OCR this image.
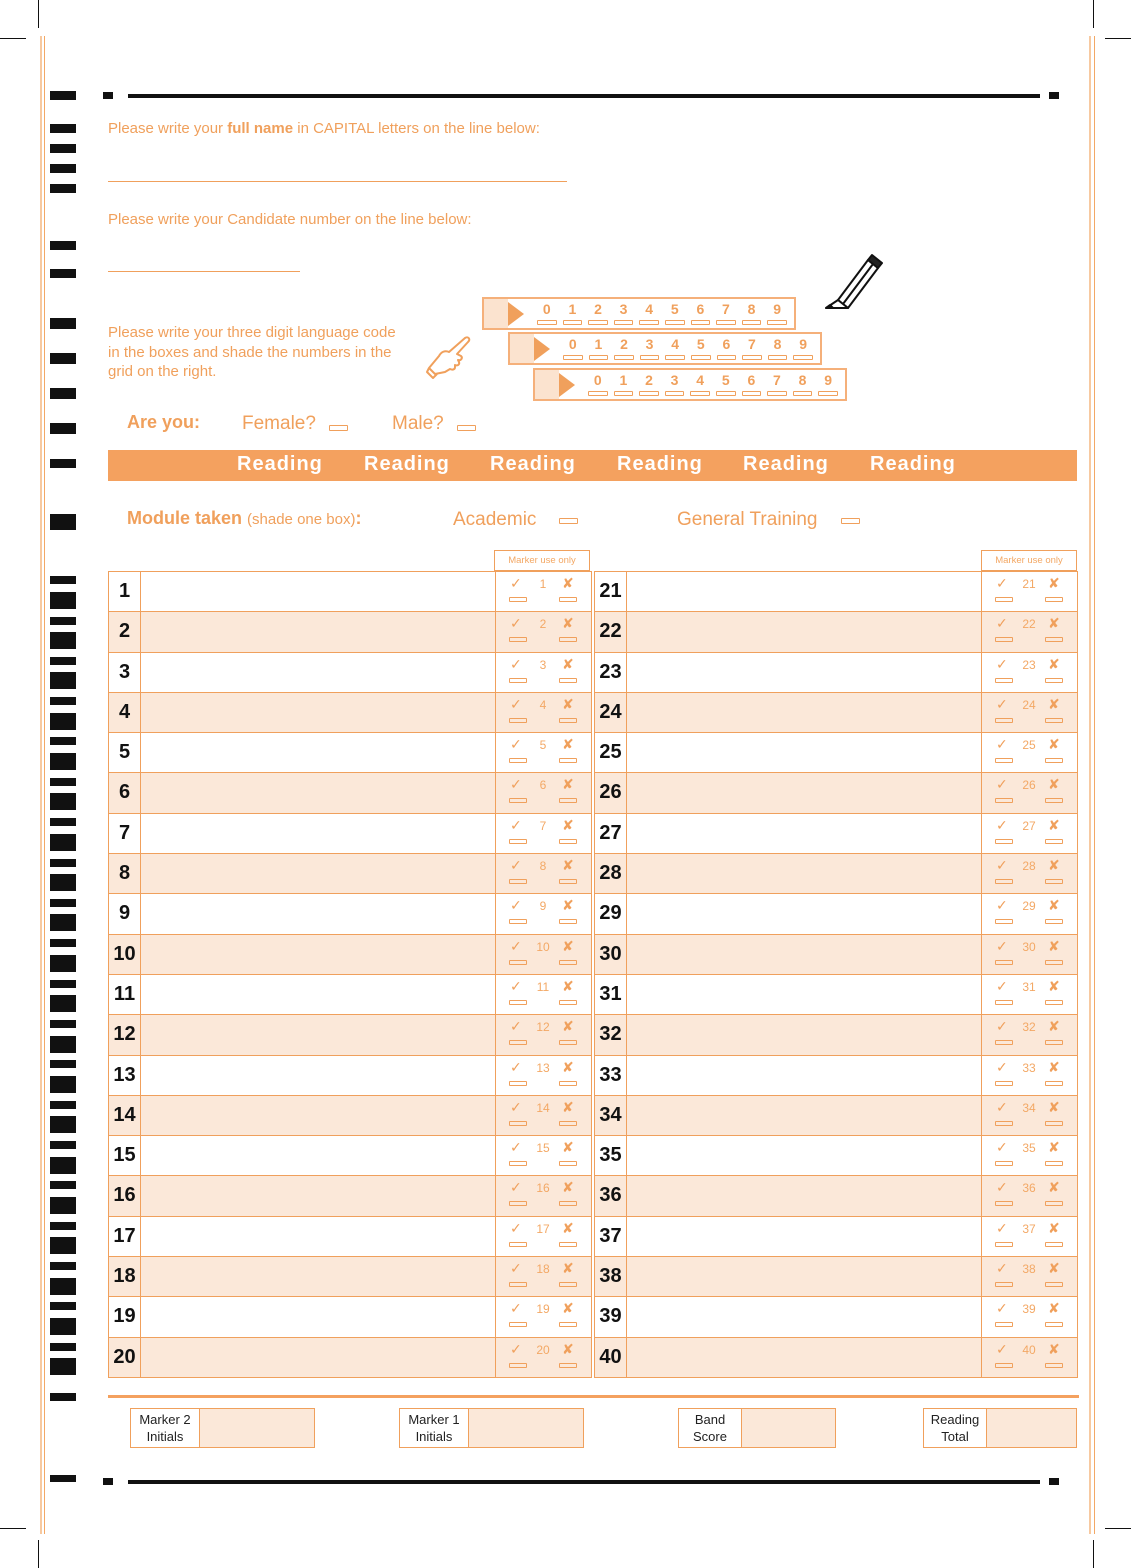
Please write your full name in CAPITAL letters on the line below:
Please write your Candidate number on the line below:
Please write your three digit language code
in the boxes and shade the numbers in the
grid on the right.
0	1	2	3	4	5	6	7	8	9
0	1	2	3	4	5	6	7	8	9
0	1	2	3	4	5	6	7	8	9
Are you: Female?	Male?
Reading Reading Reading Reading Reading Reading
Module taken (shade one box):	Academic	General Training
Marker use only	Marker use only
1	✓	1	✘
2	✓	2	✘
3	✓	3	✘
4	✓	4	✘
5	✓	5	✘
6	✓	6	✘
7	✓	7	✘
8	✓	8	✘
9	✓	9	✘
10	✓	10 ✘
11	✓	11 ✘
12	✓	12 ✘
13	✓	13 ✘
14	✓	14 ✘
15	✓	15 ✘
16	✓	16 ✘
17	✓	17 ✘
18	✓	18 ✘
19	✓	19 ✘
20	✓	20 ✘
21	✓	21 ✘
22	✓	22 ✘
23	✓	23 ✘
24	✓	24 ✘
25	✓	25 ✘
26	✓	26 ✘
27	✓	27 ✘
28	✓	28 ✘
29	✓	29 ✘
30	✓	30 ✘
31	✓	31 ✘
32	✓	32 ✘
33	✓	33 ✘
34	✓	34 ✘
35	✓	35 ✘
36	✓	36 ✘
37	✓	37 ✘
38	✓	38 ✘
39	✓	39 ✘
40	✓	40 ✘
Marker 2
Initials
Marker 1
Initials
Band
Score
Reading
Total
